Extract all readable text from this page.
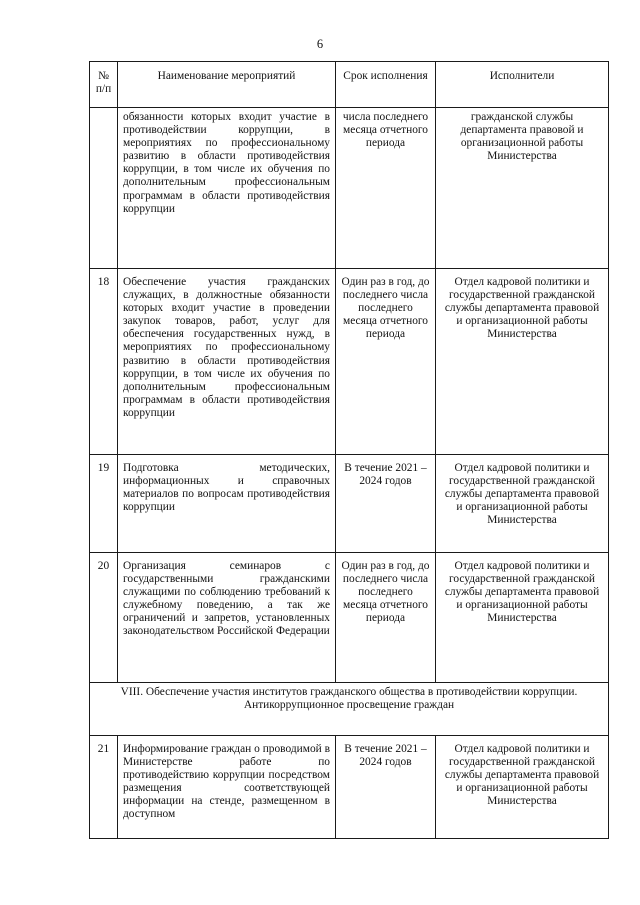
6
№ п/п	Наименование мероприятий	Срок исполнения	Исполнители
	обязанности которых входит участие в противодействии коррупции, в мероприятиях по профессиональному развитию в области противодействия коррупции, в том числе их обучения по дополнительным профессиональным программам в области противодействия коррупции	числа последнего месяца отчетного периода	гражданской службы департамента правовой и организационной работы Министерства
18	Обеспечение участия гражданских служащих, в должностные обязанности которых входит участие в проведении закупок товаров, работ, услуг для обеспечения государственных нужд, в мероприятиях по профессиональному развитию в области противодействия коррупции, в том числе их обучения по дополнительным профессиональным программам в области противодействия коррупции	Один раз в год, до последнего числа последнего месяца отчетного периода	Отдел кадровой политики и государственной гражданской службы департамента правовой и организационной работы Министерства
19	Подготовка методических, информационных и справочных материалов по вопросам противодействия коррупции	В течение 2021 – 2024 годов	Отдел кадровой политики и государственной гражданской службы департамента правовой и организационной работы Министерства
20	Организация семинаров с государственными гражданскими служащими по соблюдению требований к служебному поведению, а так же ограничений и запретов, установленных законодательством Российской Федерации	Один раз в год, до последнего числа последнего месяца отчетного периода	Отдел кадровой политики и государственной гражданской службы департамента правовой и организационной работы Министерства

VIII. Обеспечение участия институтов гражданского общества в противодействии коррупции.
Антикоррупционное просвещение граждан			

21	Информирование граждан о проводимой в Министерстве работе по противодействию коррупции посредством размещения соответствующей информации на стенде, размещенном в доступном	В течение 2021 – 2024 годов	Отдел кадровой политики и государственной гражданской службы департамента правовой и организационной работы Министерства
